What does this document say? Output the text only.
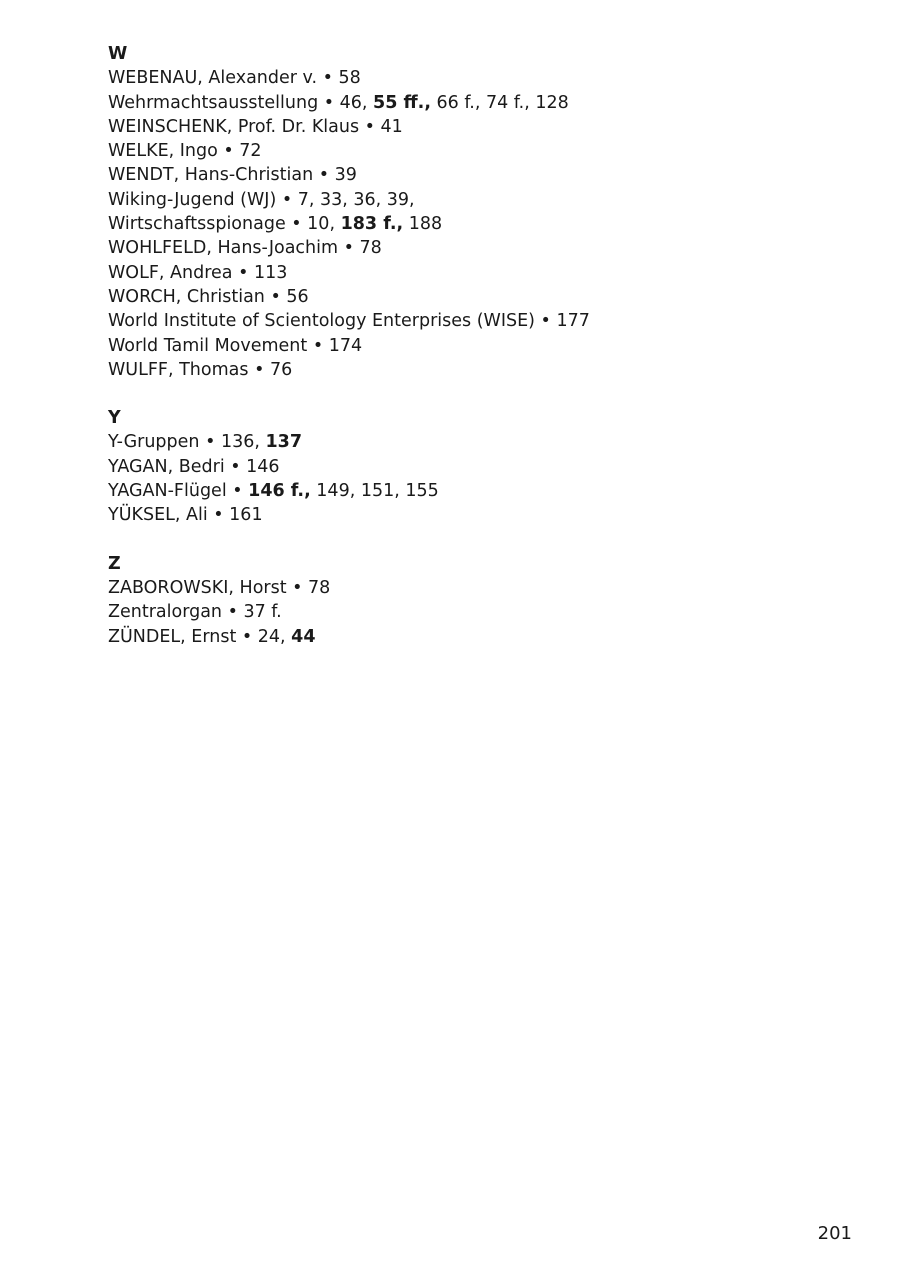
W
WEBENAU, Alexander v. • 58
Wehrmachtsausstellung • 46, 55 ff., 66 f., 74 f., 128
WEINSCHENK, Prof. Dr. Klaus • 41
WELKE, Ingo • 72
WENDT, Hans-Christian • 39
Wiking-Jugend (WJ) • 7, 33, 36, 39,
Wirtschaftsspionage • 10, 183 f., 188
WOHLFELD, Hans-Joachim • 78
WOLF, Andrea • 113
WORCH, Christian • 56
World Institute of Scientology Enterprises (WISE) • 177
World Tamil Movement • 174
WULFF, Thomas • 76
Y
Y-Gruppen • 136, 137
YAGAN, Bedri • 146
YAGAN-Flügel • 146 f., 149, 151, 155
YÜKSEL, Ali • 161
Z
ZABOROWSKI, Horst • 78
Zentralorgan • 37 f.
ZÜNDEL, Ernst • 24, 44
201
